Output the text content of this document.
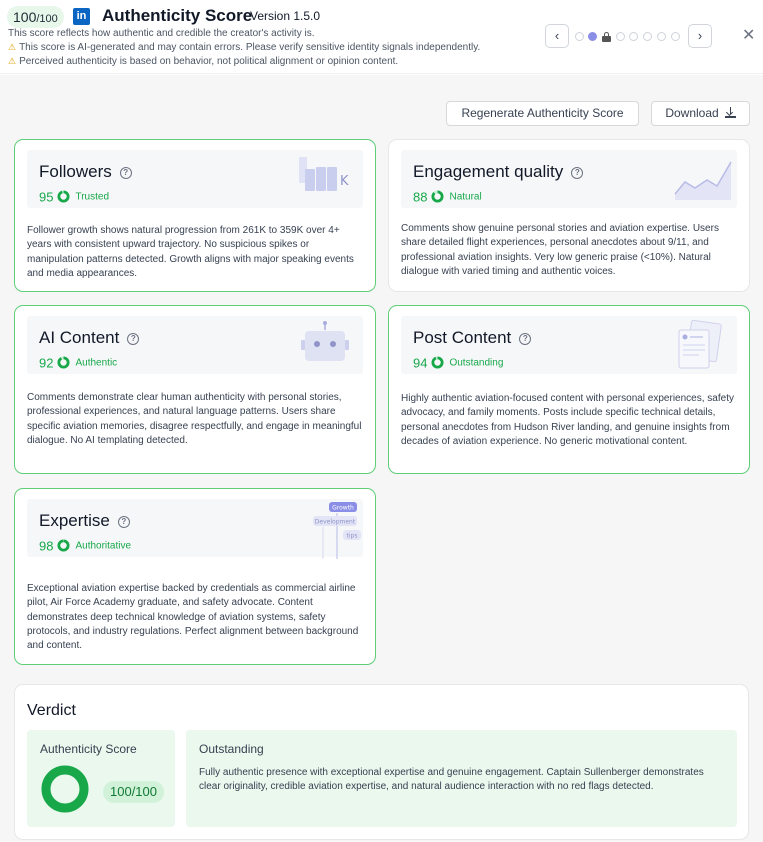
100/100	in Authenticity Score
Version 1.5.0
This score reflects how authentic and credible the creator's activity is.
⚠ This score is AI-generated and may contain errors. Please verify sensitive identity signals independently.
⚠ Perceived authenticity is based on behavior, not political alignment or opinion content.
‹	›	✕
Regenerate Authenticity Score	Download
Followers ?
95 Trusted
K
Follower growth shows natural progression from 261K to 359K over 4+ years with consistent upward trajectory. No suspicious spikes or manipulation patterns detected. Growth aligns with major speaking events and media appearances.
Engagement quality ?
88 Natural
Comments show genuine personal stories and aviation expertise. Users share detailed flight experiences, personal anecdotes about 9/11, and professional aviation insights. Very low generic praise (<10%). Natural dialogue with varied timing and authentic voices.
AI Content ?
92 Authentic
Comments demonstrate clear human authenticity with personal stories, professional experiences, and natural language patterns. Users share specific aviation memories, disagree respectfully, and engage in meaningful dialogue. No AI templating detected.
Post Content ?
94 Outstanding
Highly authentic aviation-focused content with personal experiences, safety advocacy, and family moments. Posts include specific technical details, personal anecdotes from Hudson River landing, and genuine insights from decades of aviation experience. No generic motivational content.
Expertise ?
98 Authoritative
Growth
Development
tips
Exceptional aviation expertise backed by credentials as commercial airline pilot, Air Force Academy graduate, and safety advocate. Content demonstrates deep technical knowledge of aviation systems, safety protocols, and industry regulations. Perfect alignment between background and content.
Verdict
Authenticity Score
100/100
Outstanding
Fully authentic presence with exceptional expertise and genuine engagement. Captain Sullenberger demonstrates clear originality, credible aviation expertise, and natural audience interaction with no red flags detected.
